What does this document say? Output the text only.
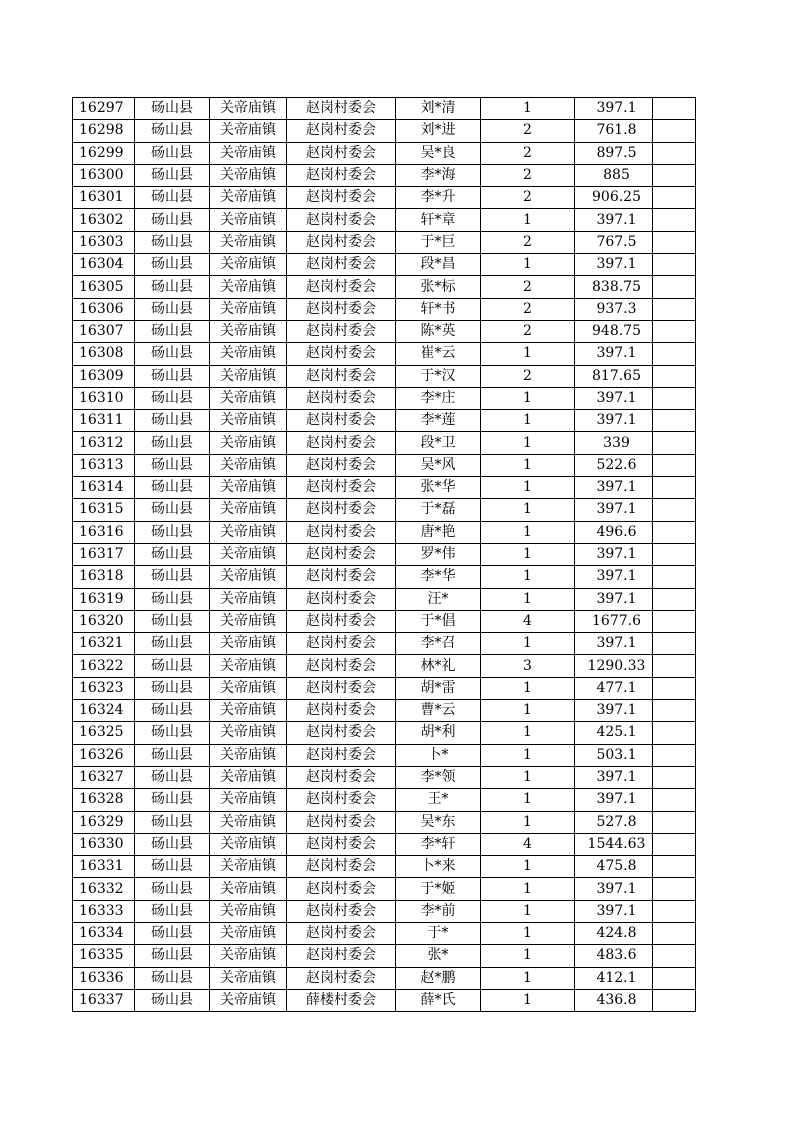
16297	砀山县	关帝庙镇	赵岗村委会	刘*清	1	397.1	
16298	砀山县	关帝庙镇	赵岗村委会	刘*进	2	761.8	
16299	砀山县	关帝庙镇	赵岗村委会	吴*良	2	897.5	
16300	砀山县	关帝庙镇	赵岗村委会	李*海	2	885	
16301	砀山县	关帝庙镇	赵岗村委会	李*升	2	906.25	
16302	砀山县	关帝庙镇	赵岗村委会	轩*章	1	397.1	
16303	砀山县	关帝庙镇	赵岗村委会	于*巨	2	767.5	
16304	砀山县	关帝庙镇	赵岗村委会	段*昌	1	397.1	
16305	砀山县	关帝庙镇	赵岗村委会	张*标	2	838.75	
16306	砀山县	关帝庙镇	赵岗村委会	轩*书	2	937.3	
16307	砀山县	关帝庙镇	赵岗村委会	陈*英	2	948.75	
16308	砀山县	关帝庙镇	赵岗村委会	崔*云	1	397.1	
16309	砀山县	关帝庙镇	赵岗村委会	于*汉	2	817.65	
16310	砀山县	关帝庙镇	赵岗村委会	李*庄	1	397.1	
16311	砀山县	关帝庙镇	赵岗村委会	李*莲	1	397.1	
16312	砀山县	关帝庙镇	赵岗村委会	段*卫	1	339	
16313	砀山县	关帝庙镇	赵岗村委会	吴*风	1	522.6	
16314	砀山县	关帝庙镇	赵岗村委会	张*华	1	397.1	
16315	砀山县	关帝庙镇	赵岗村委会	于*磊	1	397.1	
16316	砀山县	关帝庙镇	赵岗村委会	唐*艳	1	496.6	
16317	砀山县	关帝庙镇	赵岗村委会	罗*伟	1	397.1	
16318	砀山县	关帝庙镇	赵岗村委会	李*华	1	397.1	
16319	砀山县	关帝庙镇	赵岗村委会	汪*	1	397.1	
16320	砀山县	关帝庙镇	赵岗村委会	于*倡	4	1677.6	
16321	砀山县	关帝庙镇	赵岗村委会	李*召	1	397.1	
16322	砀山县	关帝庙镇	赵岗村委会	林*礼	3	1290.33	
16323	砀山县	关帝庙镇	赵岗村委会	胡*雷	1	477.1	
16324	砀山县	关帝庙镇	赵岗村委会	曹*云	1	397.1	
16325	砀山县	关帝庙镇	赵岗村委会	胡*利	1	425.1	
16326	砀山县	关帝庙镇	赵岗村委会	卜*	1	503.1	
16327	砀山县	关帝庙镇	赵岗村委会	李*领	1	397.1	
16328	砀山县	关帝庙镇	赵岗村委会	王*	1	397.1	
16329	砀山县	关帝庙镇	赵岗村委会	吴*东	1	527.8	
16330	砀山县	关帝庙镇	赵岗村委会	李*轩	4	1544.63	
16331	砀山县	关帝庙镇	赵岗村委会	卜*来	1	475.8	
16332	砀山县	关帝庙镇	赵岗村委会	于*姬	1	397.1	
16333	砀山县	关帝庙镇	赵岗村委会	李*前	1	397.1	
16334	砀山县	关帝庙镇	赵岗村委会	于*	1	424.8	
16335	砀山县	关帝庙镇	赵岗村委会	张*	1	483.6	
16336	砀山县	关帝庙镇	赵岗村委会	赵*鹏	1	412.1	
16337	砀山县	关帝庙镇	薛楼村委会	薛*氏	1	436.8	
